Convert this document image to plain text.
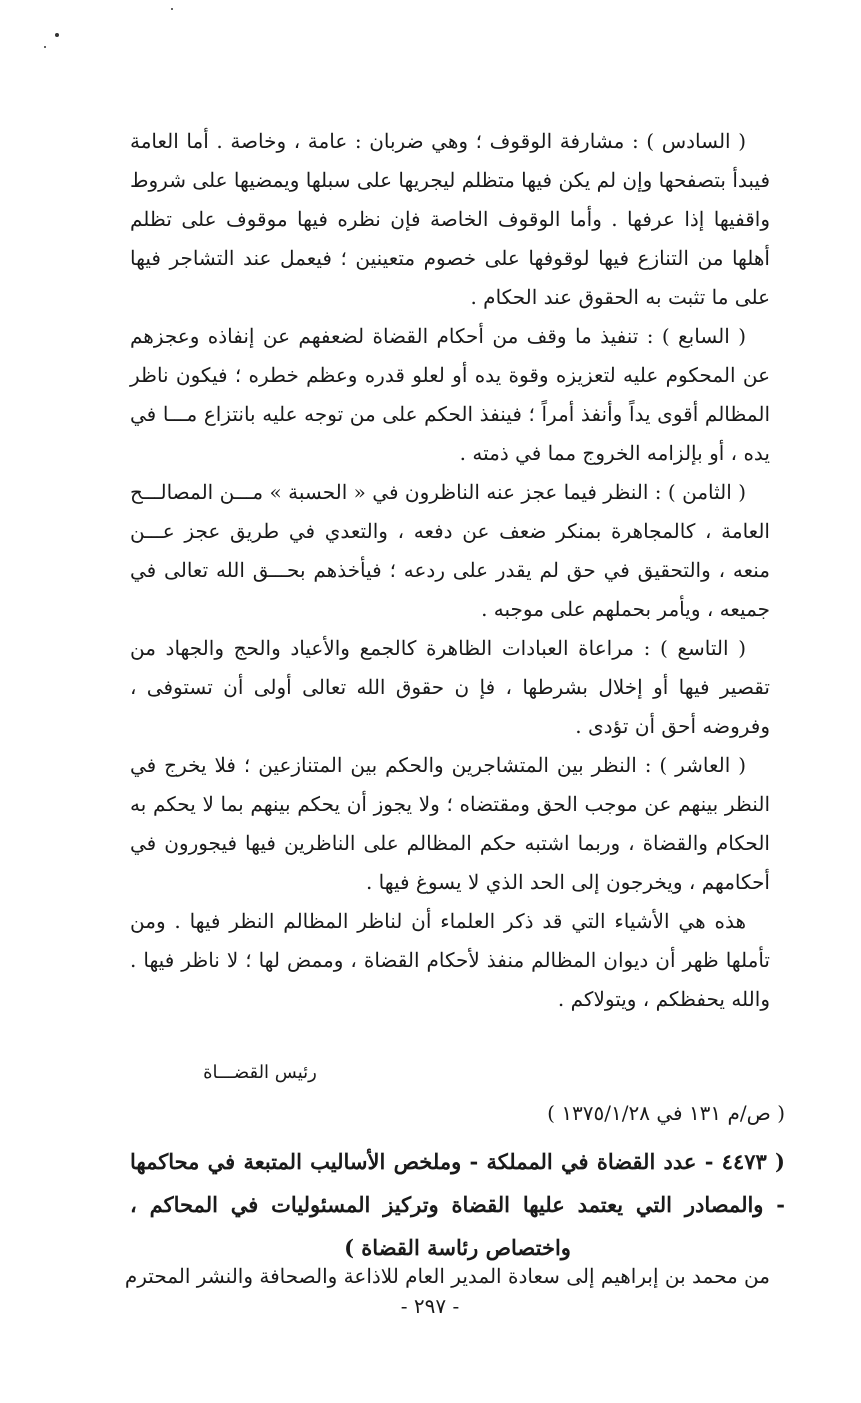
( السادس ) : مشارفة الوقوف ؛ وهي ضربان : عامة ، وخاصة . أما العامة فيبدأ بتصفحها وإن لم يكن فيها متظلم ليجريها على سبلها ويمضيها على شروط واقفيها إذا عرفها . وأما الوقوف الخاصة فإن نظره فيها موقوف على تظلم أهلها من التنازع فيها لوقوفها على خصوم متعينين ؛ فيعمل عند التشاجر فيها على ما تثبت به الحقوق عند الحكام .

( السابع ) : تنفيذ ما وقف من أحكام القضاة لضعفهم عن إنفاذه وعجزهم عن المحكوم عليه لتعزيزه وقوة يده أو لعلو قدره وعظم خطره ؛ فيكون ناظر المظالم أقوى يداً وأنفذ أمراً ؛ فينفذ الحكم على من توجه عليه بانتزاع مـــا في يده ، أو بإلزامه الخروج مما في ذمته .

( الثامن ) : النظر فيما عجز عنه الناظرون في « الحسبة » مـــن المصالـــح العامة ، كالمجاهرة بمنكر ضعف عن دفعه ، والتعدي في طريق عجز عـــن منعه ، والتحقيق في حق لم يقدر على ردعه ؛ فيأخذهم بحـــق الله تعالى في جميعه ، ويأمر بحملهم على موجبه .

( التاسع ) : مراعاة العبادات الظاهرة كالجمع والأعياد والحج والجهاد من تقصير فيها أو إخلال بشرطها ، فإ ن حقوق الله تعالى أولى أن تستوفى ، وفروضه أحق أن تؤدى .

( العاشر ) : النظر بين المتشاجرين والحكم بين المتنازعين ؛ فلا يخرج في النظر بينهم عن موجب الحق ومقتضاه ؛ ولا يجوز أن يحكم بينهم بما لا يحكم به الحكام والقضاة ، وربما اشتبه حكم المظالم على الناظرين فيها فيجورون في أحكامهم ، ويخرجون إلى الحد الذي لا يسوغ فيها .

هذه هي الأشياء التي قد ذكر العلماء أن لناظر المظالم النظر فيها . ومن تأملها ظهر أن ديوان المظالم منفذ لأحكام القضاة ، وممض لها ؛ لا ناظر فيها . والله يحفظكم ، ويتولاكم .

رئيس القضـــاة
( ص/م ١٣١ في ١٣٧٥/١/٢٨ )
( ٤٤٧٣ - عدد القضاة في المملكة - وملخص الأساليب المتبعة في محاكمها - والمصادر التي يعتمد عليها القضاة وتركيز المسئوليات في المحاكم ، واختصاص رئاسة القضاة )
من محمد بن إبراهيم إلى سعادة المدير العام للاذاعة والصحافة والنشر المحترم
- ٢٩٧ -
